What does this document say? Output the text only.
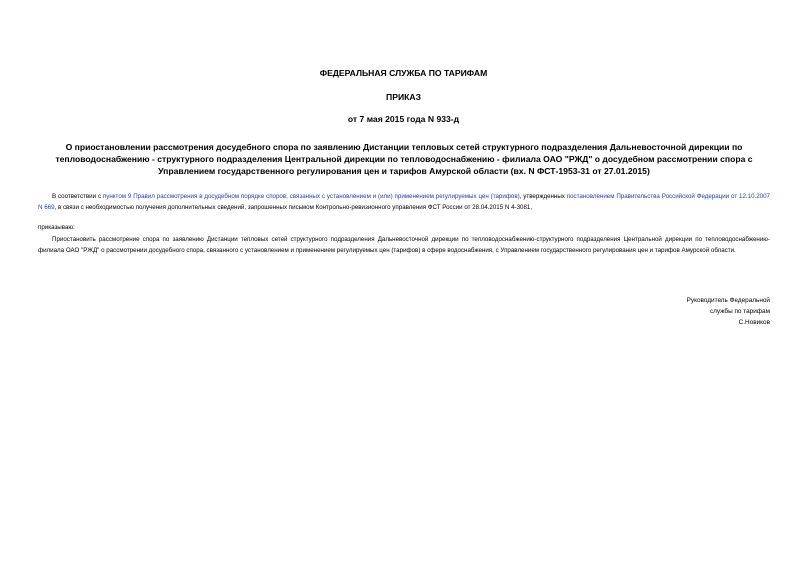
ФЕДЕРАЛЬНАЯ СЛУЖБА ПО ТАРИФАМ
ПРИКАЗ
от 7 мая 2015 года N 933-д
О приостановлении рассмотрения досудебного спора по заявлению Дистанции тепловых сетей структурного подразделения Дальневосточной дирекции по тепловодоснабжению - структурного подразделения Центральной дирекции по тепловодоснабжению - филиала ОАО "РЖД" о досудебном рассмотрении спора с Управлением государственного регулирования цен и тарифов Амурской области (вх. N ФСТ-1953-31 от 27.01.2015)
В соответствии с пунктом 9 Правил рассмотрения в досудебном порядке споров, связанных с установлением и (или) применением регулируемых цен (тарифов), утвержденных постановлением Правительства Российской Федерации от 12.10.2007 N 669, в связи с необходимостью получения дополнительных сведений, запрошенных письмом Контрольно-ревизионного управления ФСТ России от 28.04.2015 N 4-3081,
приказываю:
Приостановить рассмотрение спора по заявлению Дистанции тепловых сетей структурного подразделения Дальневосточной дирекции по тепловодоснабжению-структурного подразделения Центральной дирекции по тепловодоснабжению-филиала ОАО "РЖД" о рассмотрении досудебного спора, связанного с установлением и применением регулируемых цен (тарифов) в сфере водоснабжения, с Управлением государственного регулирования цен и тарифов Амурской области.
Руководитель Федеральной
службы по тарифам
С.Новиков
